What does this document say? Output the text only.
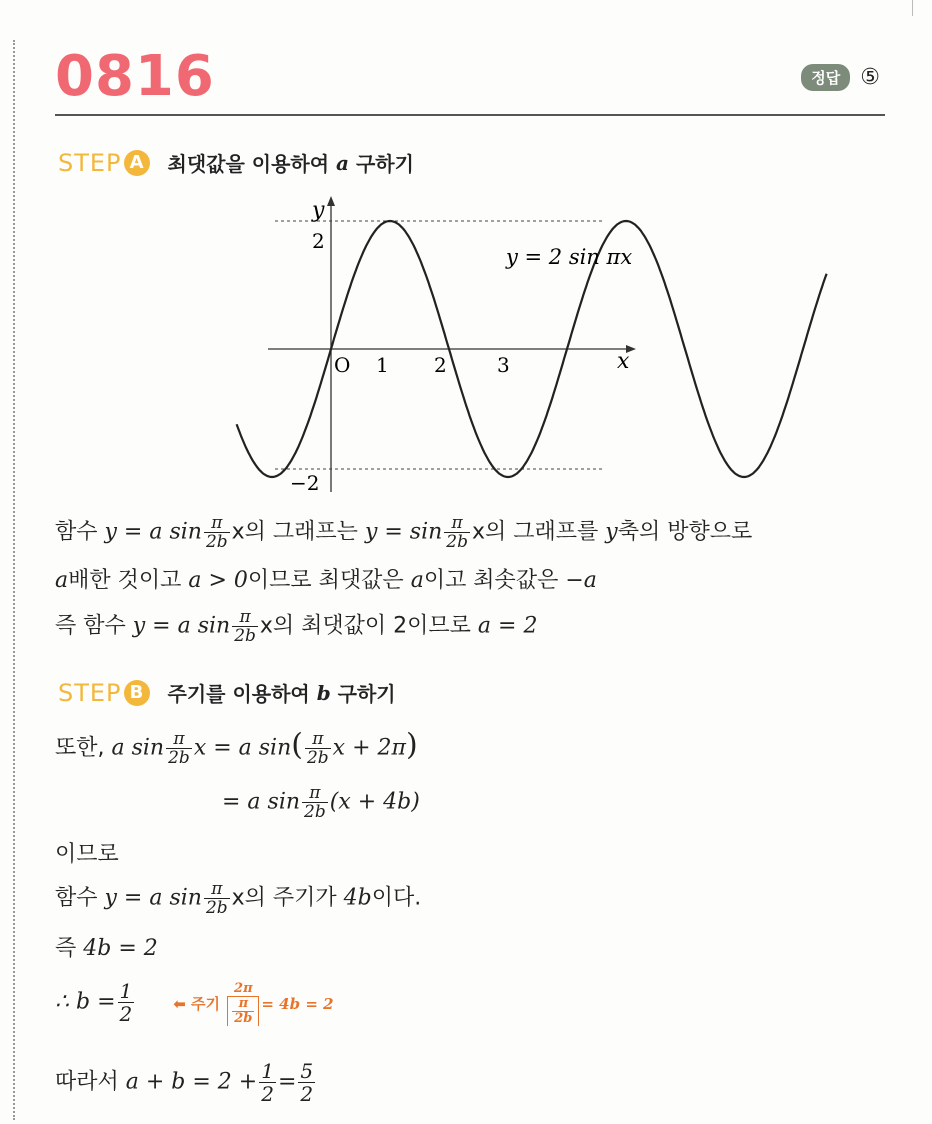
0816	정답 ⑤
STEP A	최댓값을 이용하여
a
구하기
y
x
2
−2
O 1 2	3
y = 2 sin πx
함수 y = a $\sin \frac{\pi}{2b}$ x의 그래프는 $y = \sin \frac{\pi}{2b}$ x의 그래프를 y축의 방향으로
a배한 것이고 a > 0이므로 최댓값은 a이고 최솟값은 −a
즉 함수 y = a $\sin \frac{\pi}{2b}$ x의 최댓값이 2이므로 a = 2
STEP B	주기를 이용하여
b
구하기
또한, a $\sin \frac{\pi}{2b}$ x = a $\sin( \frac{\pi}{2b}$ x + 2π)
= a $\sin \frac{\pi}{2b} (x + 4b)$
이므로
함수 y = a $\sin \frac{\pi}{2b}$ x의 주기가 4b이다.
즉 4b = 2
∴ $b = \frac{1}{2}$	⬅ 주기 $\frac{2\pi}{\frac{\pi}{2b}} = 4b = 2$
따라서 $a + b = 2 + \frac{1}{2} = \frac{5}{2}$
